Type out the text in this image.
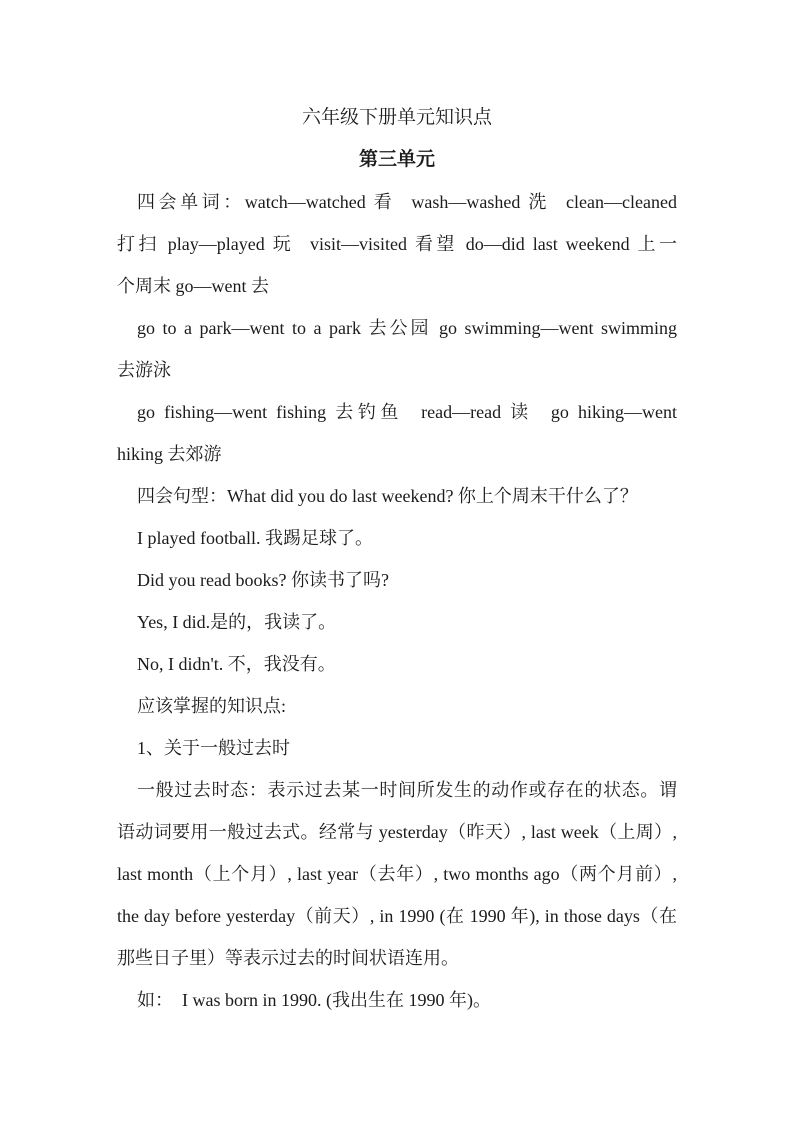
六年级下册单元知识点
第三单元
四会单词：watch—watched 看  wash—washed 洗  clean—cleaned
打扫 play—played 玩  visit—visited 看望 do—did last weekend 上一
个周末 go—went 去
go to a park—went to a park 去公园 go swimming—went swimming
去游泳
go fishing—went fishing 去钓鱼  read—read 读  go hiking—went
hiking 去郊游
四会句型：What did you do last weekend? 你上个周末干什么了？
I played football. 我踢足球了。
Did you read books? 你读书了吗?
Yes, I did.是的，我读了。
No, I didn't. 不，我没有。
应该掌握的知识点:
1、关于一般过去时
一般过去时态：表示过去某一时间所发生的动作或存在的状态。谓
语动词要用一般过去式。经常与 yesterday（昨天）, last week（上周）,
last month（上个月）, last year（去年）, two months ago（两个月前）,
the day before yesterday（前天）, in 1990 (在 1990 年), in those days（在
那些日子里）等表示过去的时间状语连用。
如：  I was born in 1990. (我出生在 1990 年)。
